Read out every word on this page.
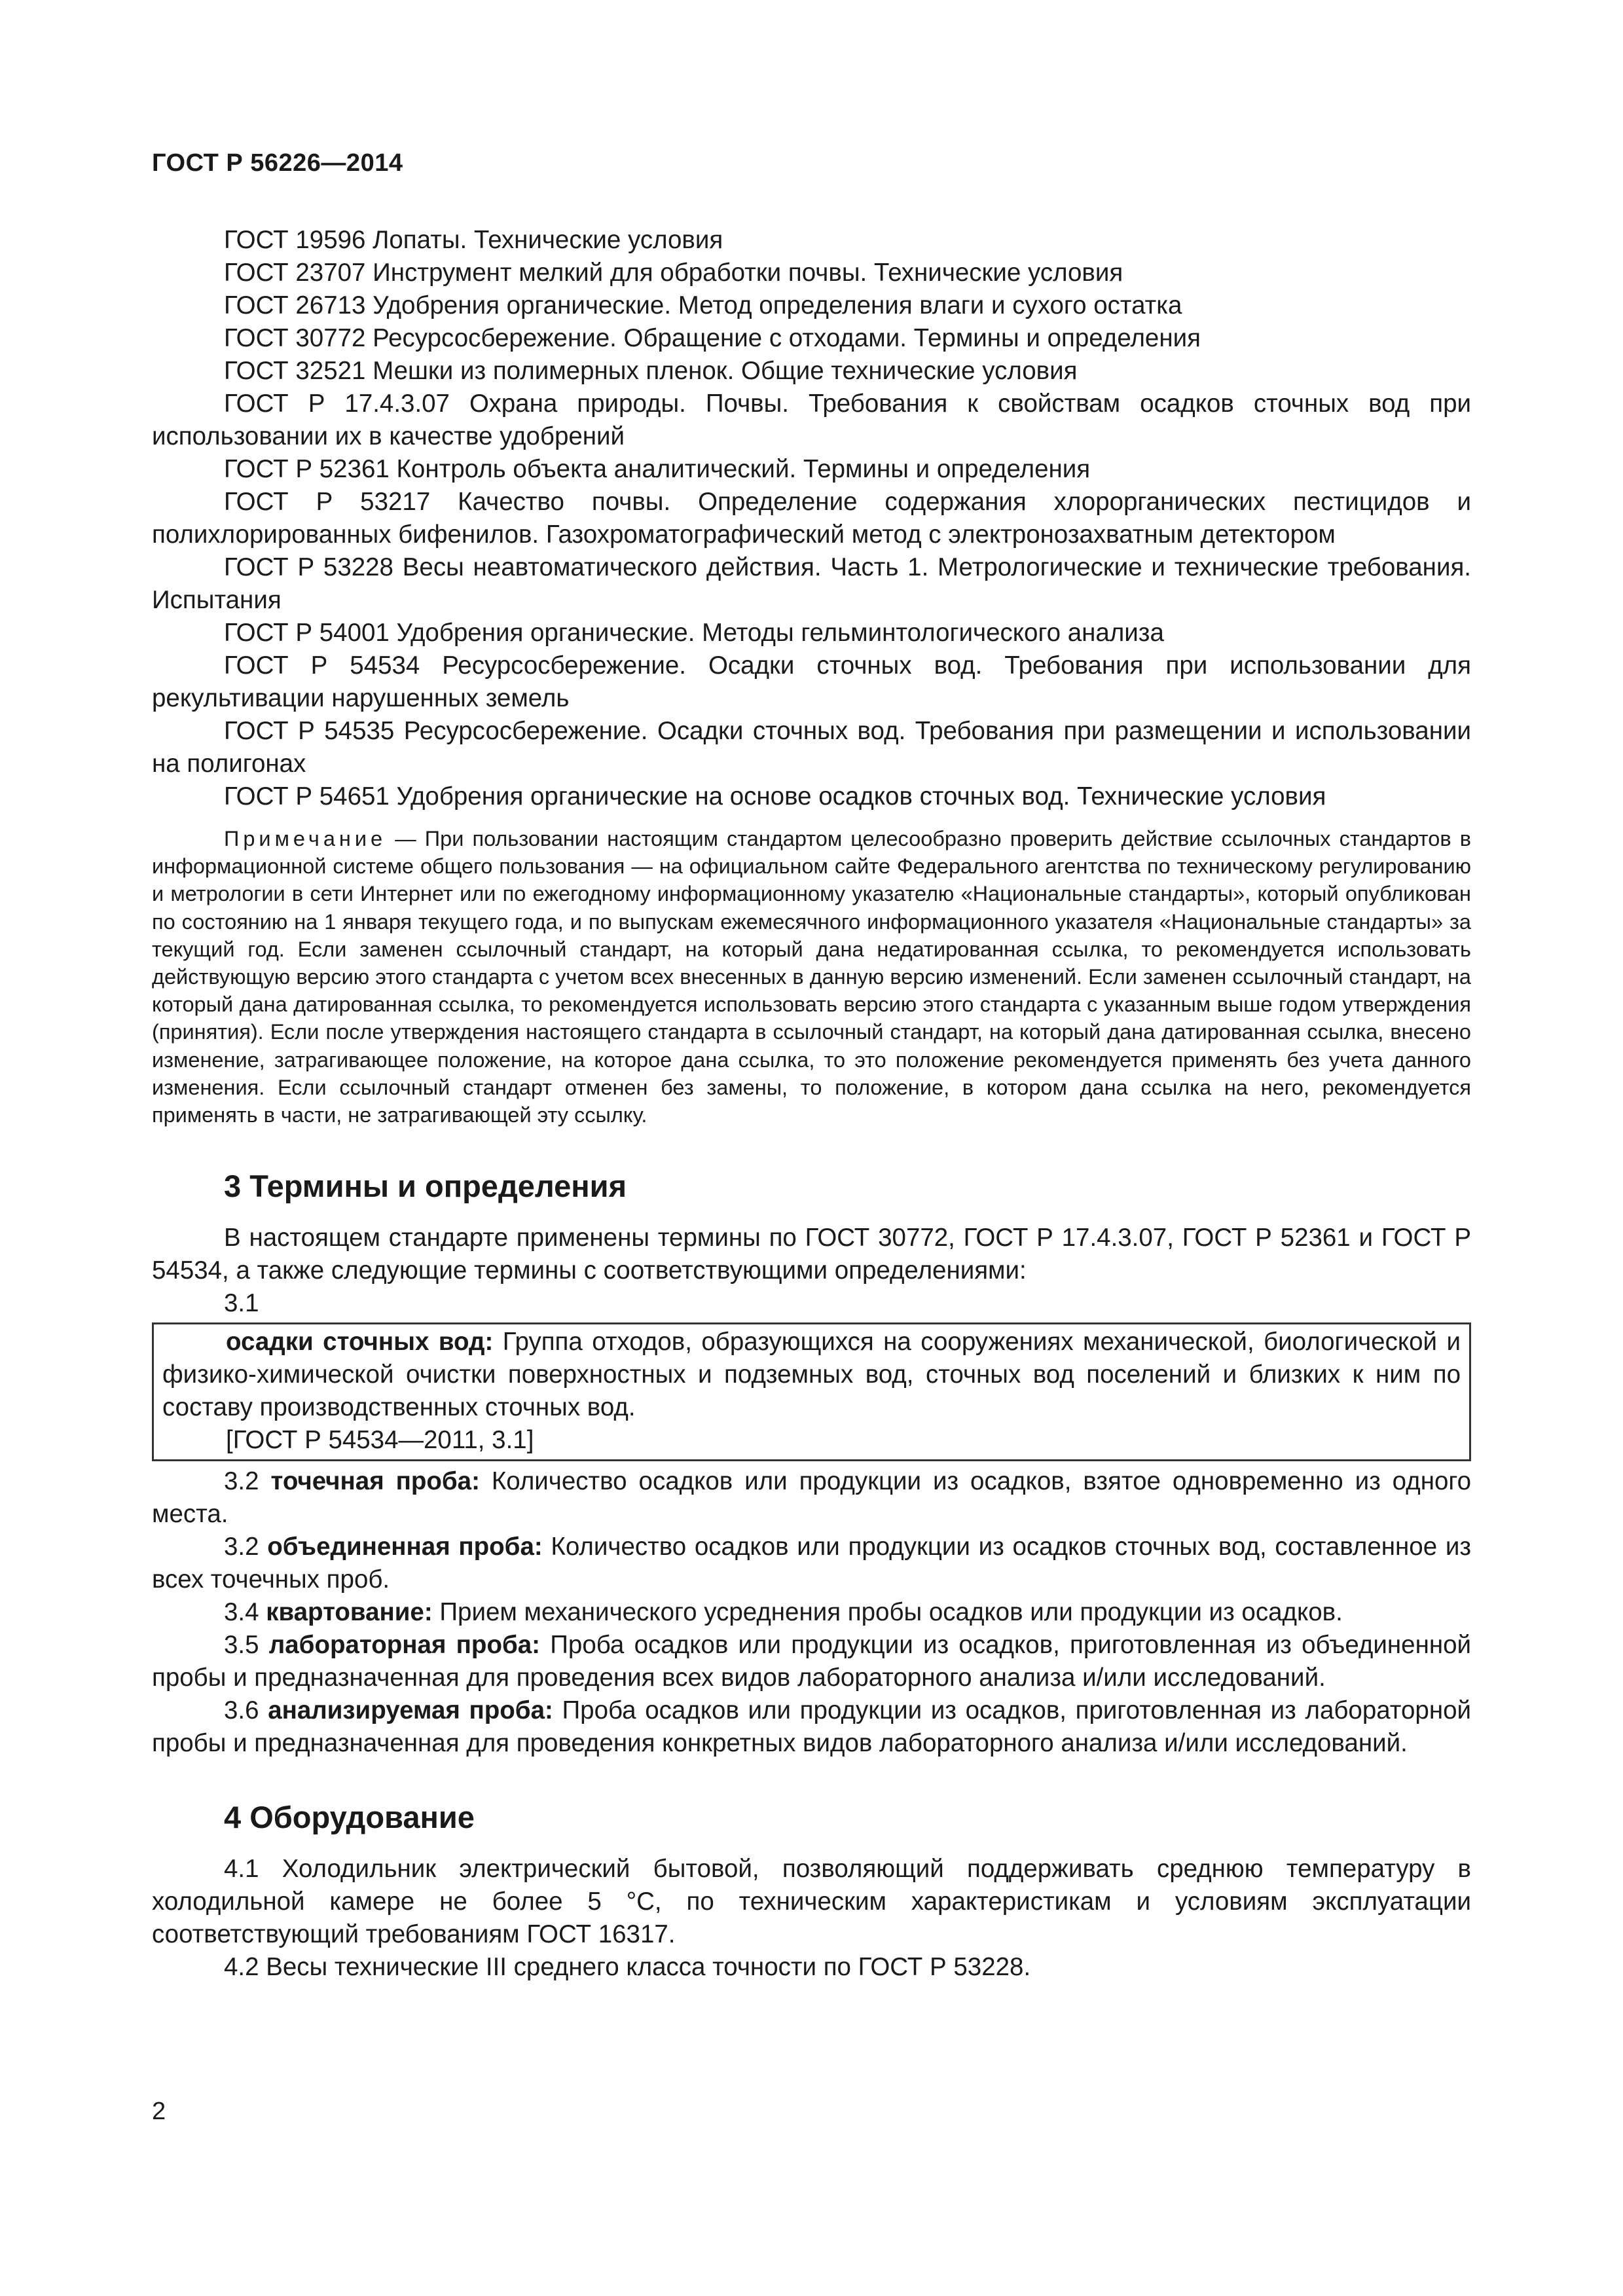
ГОСТ Р 56226—2014

ГОСТ 19596 Лопаты. Технические условия

ГОСТ 23707 Инструмент мелкий для обработки почвы. Технические условия

ГОСТ 26713 Удобрения органические. Метод определения влаги и сухого остатка

ГОСТ 30772 Ресурсосбережение. Обращение с отходами. Термины и определения

ГОСТ 32521 Мешки из полимерных пленок. Общие технические условия

ГОСТ Р 17.4.3.07 Охрана природы. Почвы. Требования к свойствам осадков сточных вод при использовании их в качестве удобрений

ГОСТ Р 52361 Контроль объекта аналитический. Термины и определения

ГОСТ Р 53217 Качество почвы. Определение содержания хлорорганических пестицидов и полихлорированных бифенилов. Газохроматографический метод с электронозахватным детектором

ГОСТ Р 53228 Весы неавтоматического действия. Часть 1. Метрологические и технические требования. Испытания

ГОСТ Р 54001 Удобрения органические. Методы гельминтологического анализа

ГОСТ Р 54534 Ресурсосбережение. Осадки сточных вод. Требования при использовании для рекультивации нарушенных земель

ГОСТ Р 54535 Ресурсосбережение. Осадки сточных вод. Требования при размещении и использовании на полигонах

ГОСТ Р 54651 Удобрения органические на основе осадков сточных вод. Технические условия

Примечание — При пользовании настоящим стандартом целесообразно проверить действие ссылочных стандартов в информационной системе общего пользования — на официальном сайте Федерального агентства по техническому регулированию и метрологии в сети Интернет или по ежегодному информационному указателю «Национальные стандарты», который опубликован по состоянию на 1 января текущего года, и по выпускам ежемесячного информационного указателя «Национальные стандарты» за текущий год. Если заменен ссылочный стандарт, на который дана недатированная ссылка, то рекомендуется использовать действующую версию этого стандарта с учетом всех внесенных в данную версию изменений. Если заменен ссылочный стандарт, на который дана датированная ссылка, то рекомендуется использовать версию этого стандарта с указанным выше годом утверждения (принятия). Если после утверждения настоящего стандарта в ссылочный стандарт, на который дана датированная ссылка, внесено изменение, затрагивающее положение, на которое дана ссылка, то это положение рекомендуется применять без учета данного изменения. Если ссылочный стандарт отменен без замены, то положение, в котором дана ссылка на него, рекомендуется применять в части, не затрагивающей эту ссылку.

3 Термины и определения

В настоящем стандарте применены термины по ГОСТ 30772, ГОСТ Р 17.4.3.07, ГОСТ Р 52361 и ГОСТ Р 54534, а также следующие термины с соответствующими определениями:

3.1

осадки сточных вод: Группа отходов, образующихся на сооружениях механической, биологической и физико-химической очистки поверхностных и подземных вод, сточных вод поселений и близких к ним по составу производственных сточных вод.

[ГОСТ Р 54534—2011, 3.1]

3.2 точечная проба: Количество осадков или продукции из осадков, взятое одновременно из одного места.

3.2 объединенная проба: Количество осадков или продукции из осадков сточных вод, составленное из всех точечных проб.

3.4 квартование: Прием механического усреднения пробы осадков или продукции из осадков.

3.5 лабораторная проба: Проба осадков или продукции из осадков, приготовленная из объединенной пробы и предназначенная для проведения всех видов лабораторного анализа и/или исследований.

3.6 анализируемая проба: Проба осадков или продукции из осадков, приготовленная из лабораторной пробы и предназначенная для проведения конкретных видов лабораторного анализа и/или исследований.

4 Оборудование

4.1 Холодильник электрический бытовой, позволяющий поддерживать среднюю температуру в холодильной камере не более 5 °С, по техническим характеристикам и условиям эксплуатации соответствующий требованиям ГОСТ 16317.

4.2 Весы технические III среднего класса точности по ГОСТ Р 53228.

2
